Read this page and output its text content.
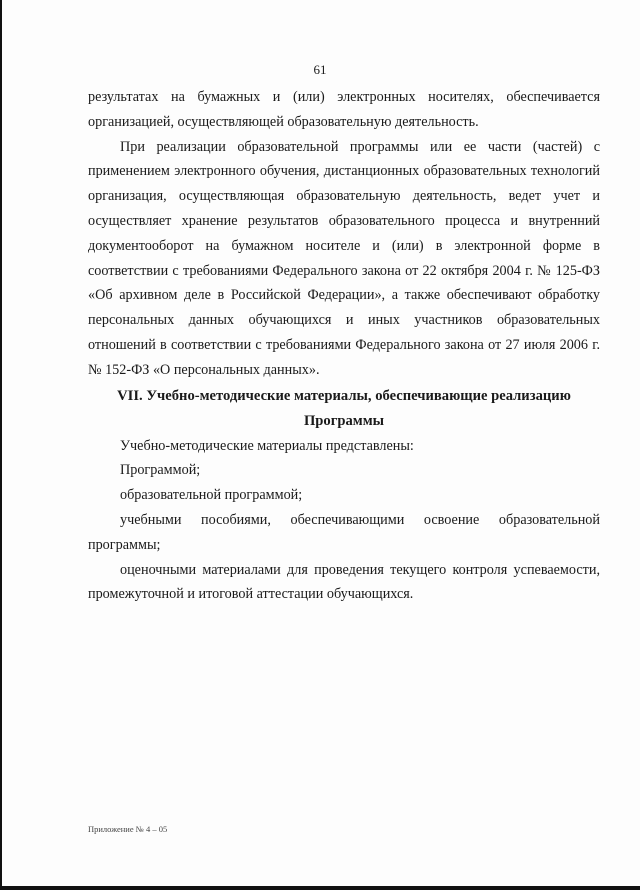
61

результатах на бумажных и (или) электронных носителях, обеспечивается организацией, осуществляющей образовательную деятельность.

При реализации образовательной программы или ее части (частей) с применением электронного обучения, дистанционных образовательных технологий организация, осуществляющая образовательную деятельность, ведет учет и осуществляет хранение результатов образовательного процесса и внутренний документооборот на бумажном носителе и (или) в электронной форме в соответствии с требованиями Федерального закона от 22 октября 2004 г. № 125-ФЗ «Об архивном деле в Российской Федерации», а также обеспечивают обработку персональных данных обучающихся и иных участников образовательных отношений в соответствии с требованиями Федерального закона от 27 июля 2006 г. № 152-ФЗ «О персональных данных».

VII. Учебно-методические материалы, обеспечивающие реализацию Программы

Учебно-методические материалы представлены:

Программой;

образовательной программой;

учебными пособиями, обеспечивающими освоение образовательной программы;

оценочными материалами для проведения текущего контроля успеваемости, промежуточной и итоговой аттестации обучающихся.

Приложение № 4 – 05
